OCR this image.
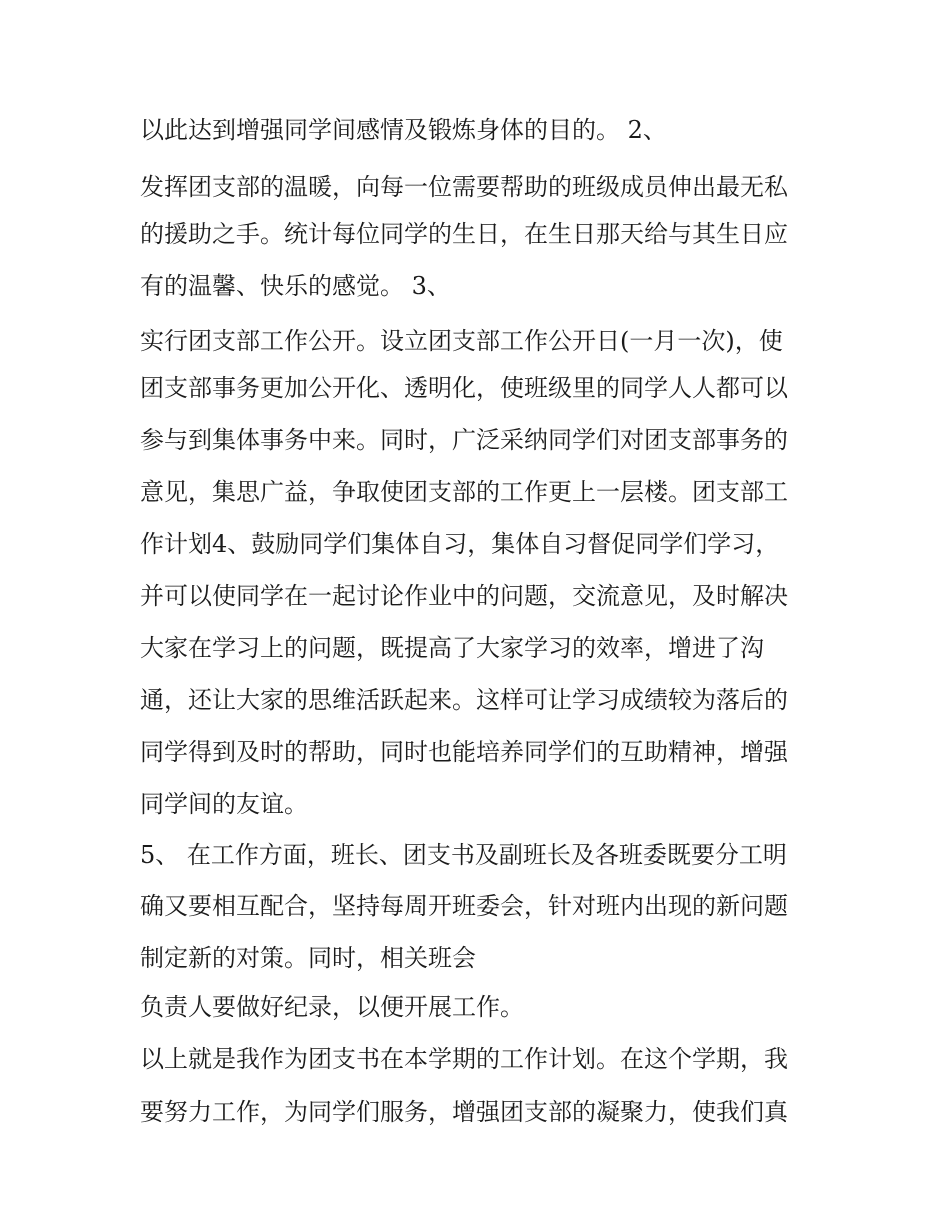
以此达到增强同学间感情及锻炼身体的目的。 2、
发挥团支部的温暖，向每一位需要帮助的班级成员伸出最无私
的援助之手。统计每位同学的生日，在生日那天给与其生日应
有的温馨、快乐的感觉。 3、
实行团支部工作公开。设立团支部工作公开日(一月一次)，使
团支部事务更加公开化、透明化，使班级里的同学人人都可以
参与到集体事务中来。同时，广泛采纳同学们对团支部事务的
意见，集思广益，争取使团支部的工作更上一层楼。团支部工
作计划4、鼓励同学们集体自习，集体自习督促同学们学习，
并可以使同学在一起讨论作业中的问题，交流意见，及时解决
大家在学习上的问题，既提高了大家学习的效率，增进了沟
通，还让大家的思维活跃起来。这样可让学习成绩较为落后的
同学得到及时的帮助，同时也能培养同学们的互助精神，增强
同学间的友谊。
5、 在工作方面，班长、团支书及副班长及各班委既要分工明
确又要相互配合，坚持每周开班委会，针对班内出现的新问题
制定新的对策。同时，相关班会
负责人要做好纪录，以便开展工作。
以上就是我作为团支书在本学期的工作计划。在这个学期，我
要努力工作，为同学们服务，增强团支部的凝聚力，使我们真
